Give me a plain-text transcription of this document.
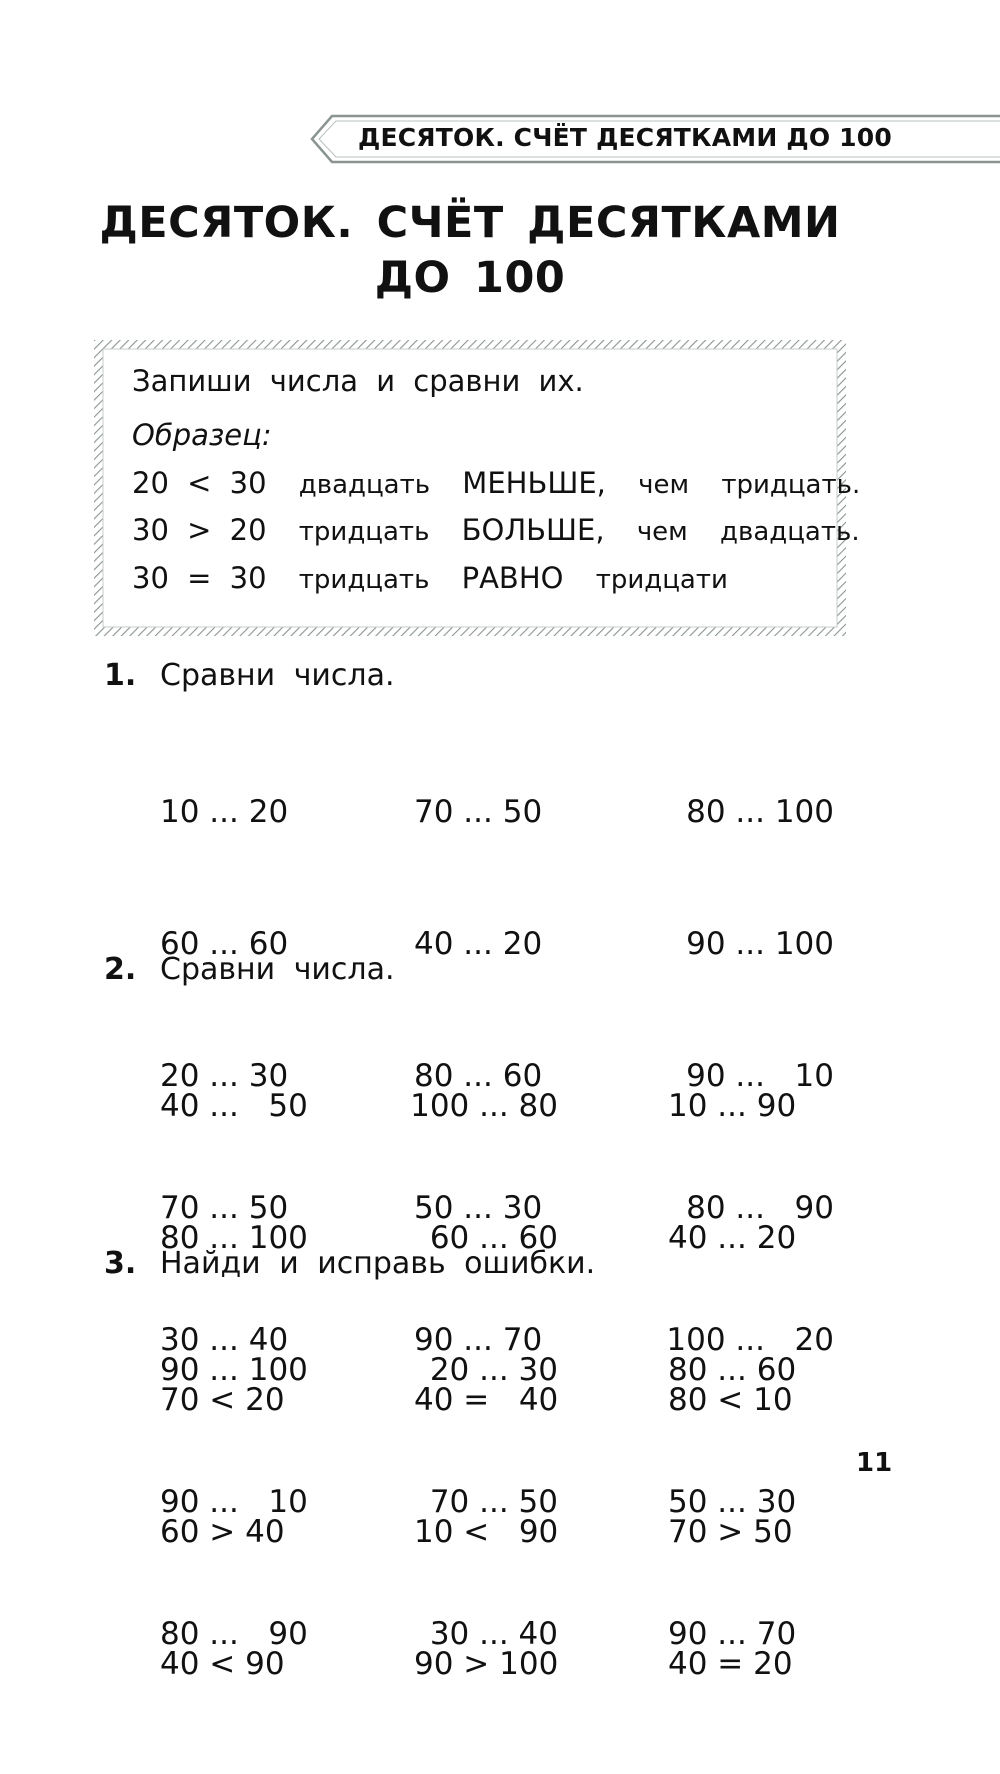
ДЕСЯТОК. СЧЁТ ДЕСЯТКАМИ ДО 100
ДЕСЯТОК. СЧЁТ ДЕСЯТКАМИ
ДО 100
Запиши числа и сравни их.
Образец:
20 < 30 двадцать МЕНЬШЕ, чем тридцать.
30 > 20 тридцать БОЛЬШЕ, чем двадцать.
30 = 30 тридцать РАВНО тридцати
1. Сравни числа.

10 ... 20

60 ... 60

20 ... 30

70 ... 50

30 ... 40

70 ... 50

40 ... 20

80 ... 60

50 ... 30

90 ... 70

80 ... 100

90 ... 100

90 ...   10

80 ...   90

100 ...   20

2. Сравни числа.

40 ...   50

80 ... 100

90 ... 100

90 ...   10

80 ...   90

100 ... 80

60 ... 60

20 ... 30

70 ... 50

30 ... 40

10 ... 90

40 ... 20

80 ... 60

50 ... 30

90 ... 70

3. Найди и исправь ошибки.

70 < 20

60 > 40

40 < 90

40 =   40

10 <   90

90 > 100

80 < 10

70 > 50

40 = 20

11
